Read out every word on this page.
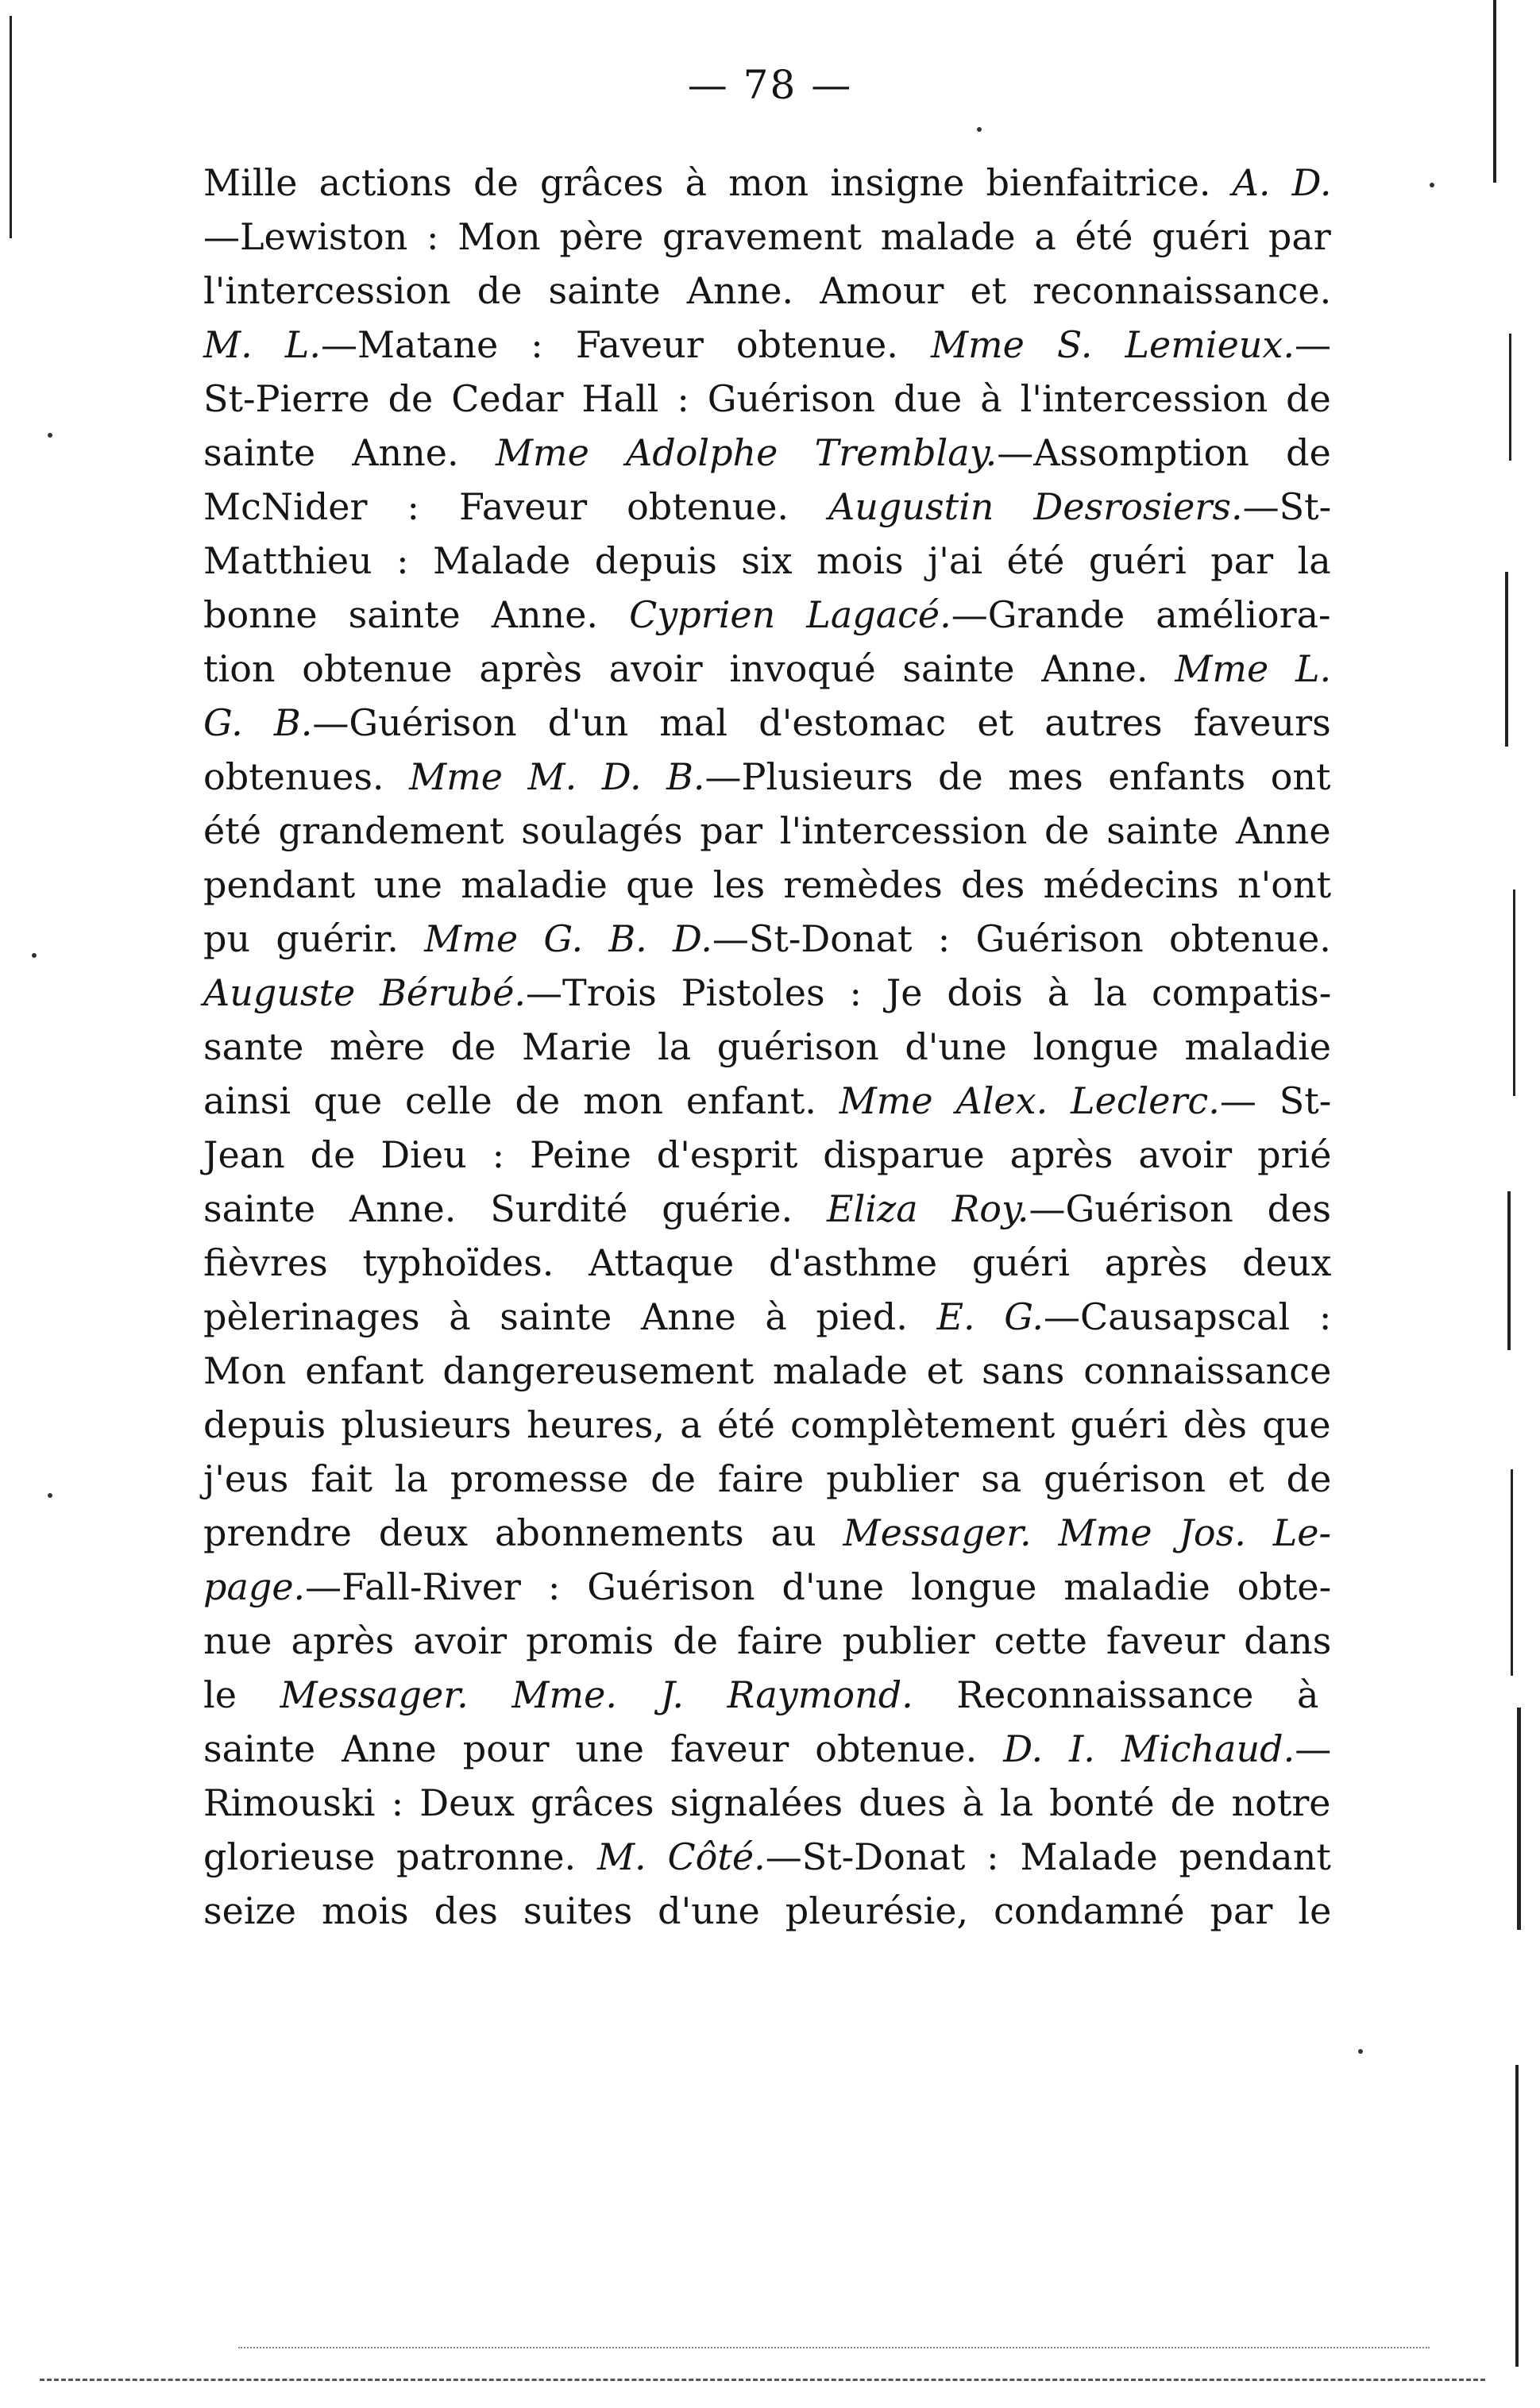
— 78 —
Mille actions de grâces à mon insigne bienfaitrice. A. D.
—Lewiston : Mon père gravement malade a été guéri par
l'intercession de sainte Anne. Amour et reconnaissance.
M. L.—Matane : Faveur obtenue. Mme S. Lemieux.—
St-Pierre de Cedar Hall : Guérison due à l'intercession de
sainte Anne. Mme Adolphe Tremblay.—Assomption de
McNider : Faveur obtenue. Augustin Desrosiers.—St-
Matthieu : Malade depuis six mois j'ai été guéri par la
bonne sainte Anne. Cyprien Lagacé.—Grande améliora-
tion obtenue après avoir invoqué sainte Anne. Mme L.
G. B.—Guérison d'un mal d'estomac et autres faveurs
obtenues. Mme M. D. B.—Plusieurs de mes enfants ont
été grandement soulagés par l'intercession de sainte Anne
pendant une maladie que les remèdes des médecins n'ont
pu guérir. Mme G. B. D.—St-Donat : Guérison obtenue.
Auguste Bérubé.—Trois Pistoles : Je dois à la compatis-
sante mère de Marie la guérison d'une longue maladie
ainsi que celle de mon enfant. Mme Alex. Leclerc.— St-
Jean de Dieu : Peine d'esprit disparue après avoir prié
sainte Anne. Surdité guérie. Eliza Roy.—Guérison des
fièvres typhoïdes. Attaque d'asthme guéri après deux
pèlerinages à sainte Anne à pied. E. G.—Causapscal :
Mon enfant dangereusement malade et sans connaissance
depuis plusieurs heures, a été complètement guéri dès que
j'eus fait la promesse de faire publier sa guérison et de
prendre deux abonnements au Messager. Mme Jos. Le-
page.—Fall-River : Guérison d'une longue maladie obte-
nue après avoir promis de faire publier cette faveur dans
le Messager. Mme. J. Raymond. Reconnaissance à
sainte Anne pour une faveur obtenue. D. I. Michaud.—
Rimouski : Deux grâces signalées dues à la bonté de notre
glorieuse patronne. M. Côté.—St-Donat : Malade pendant
seize mois des suites d'une pleurésie, condamné par le
